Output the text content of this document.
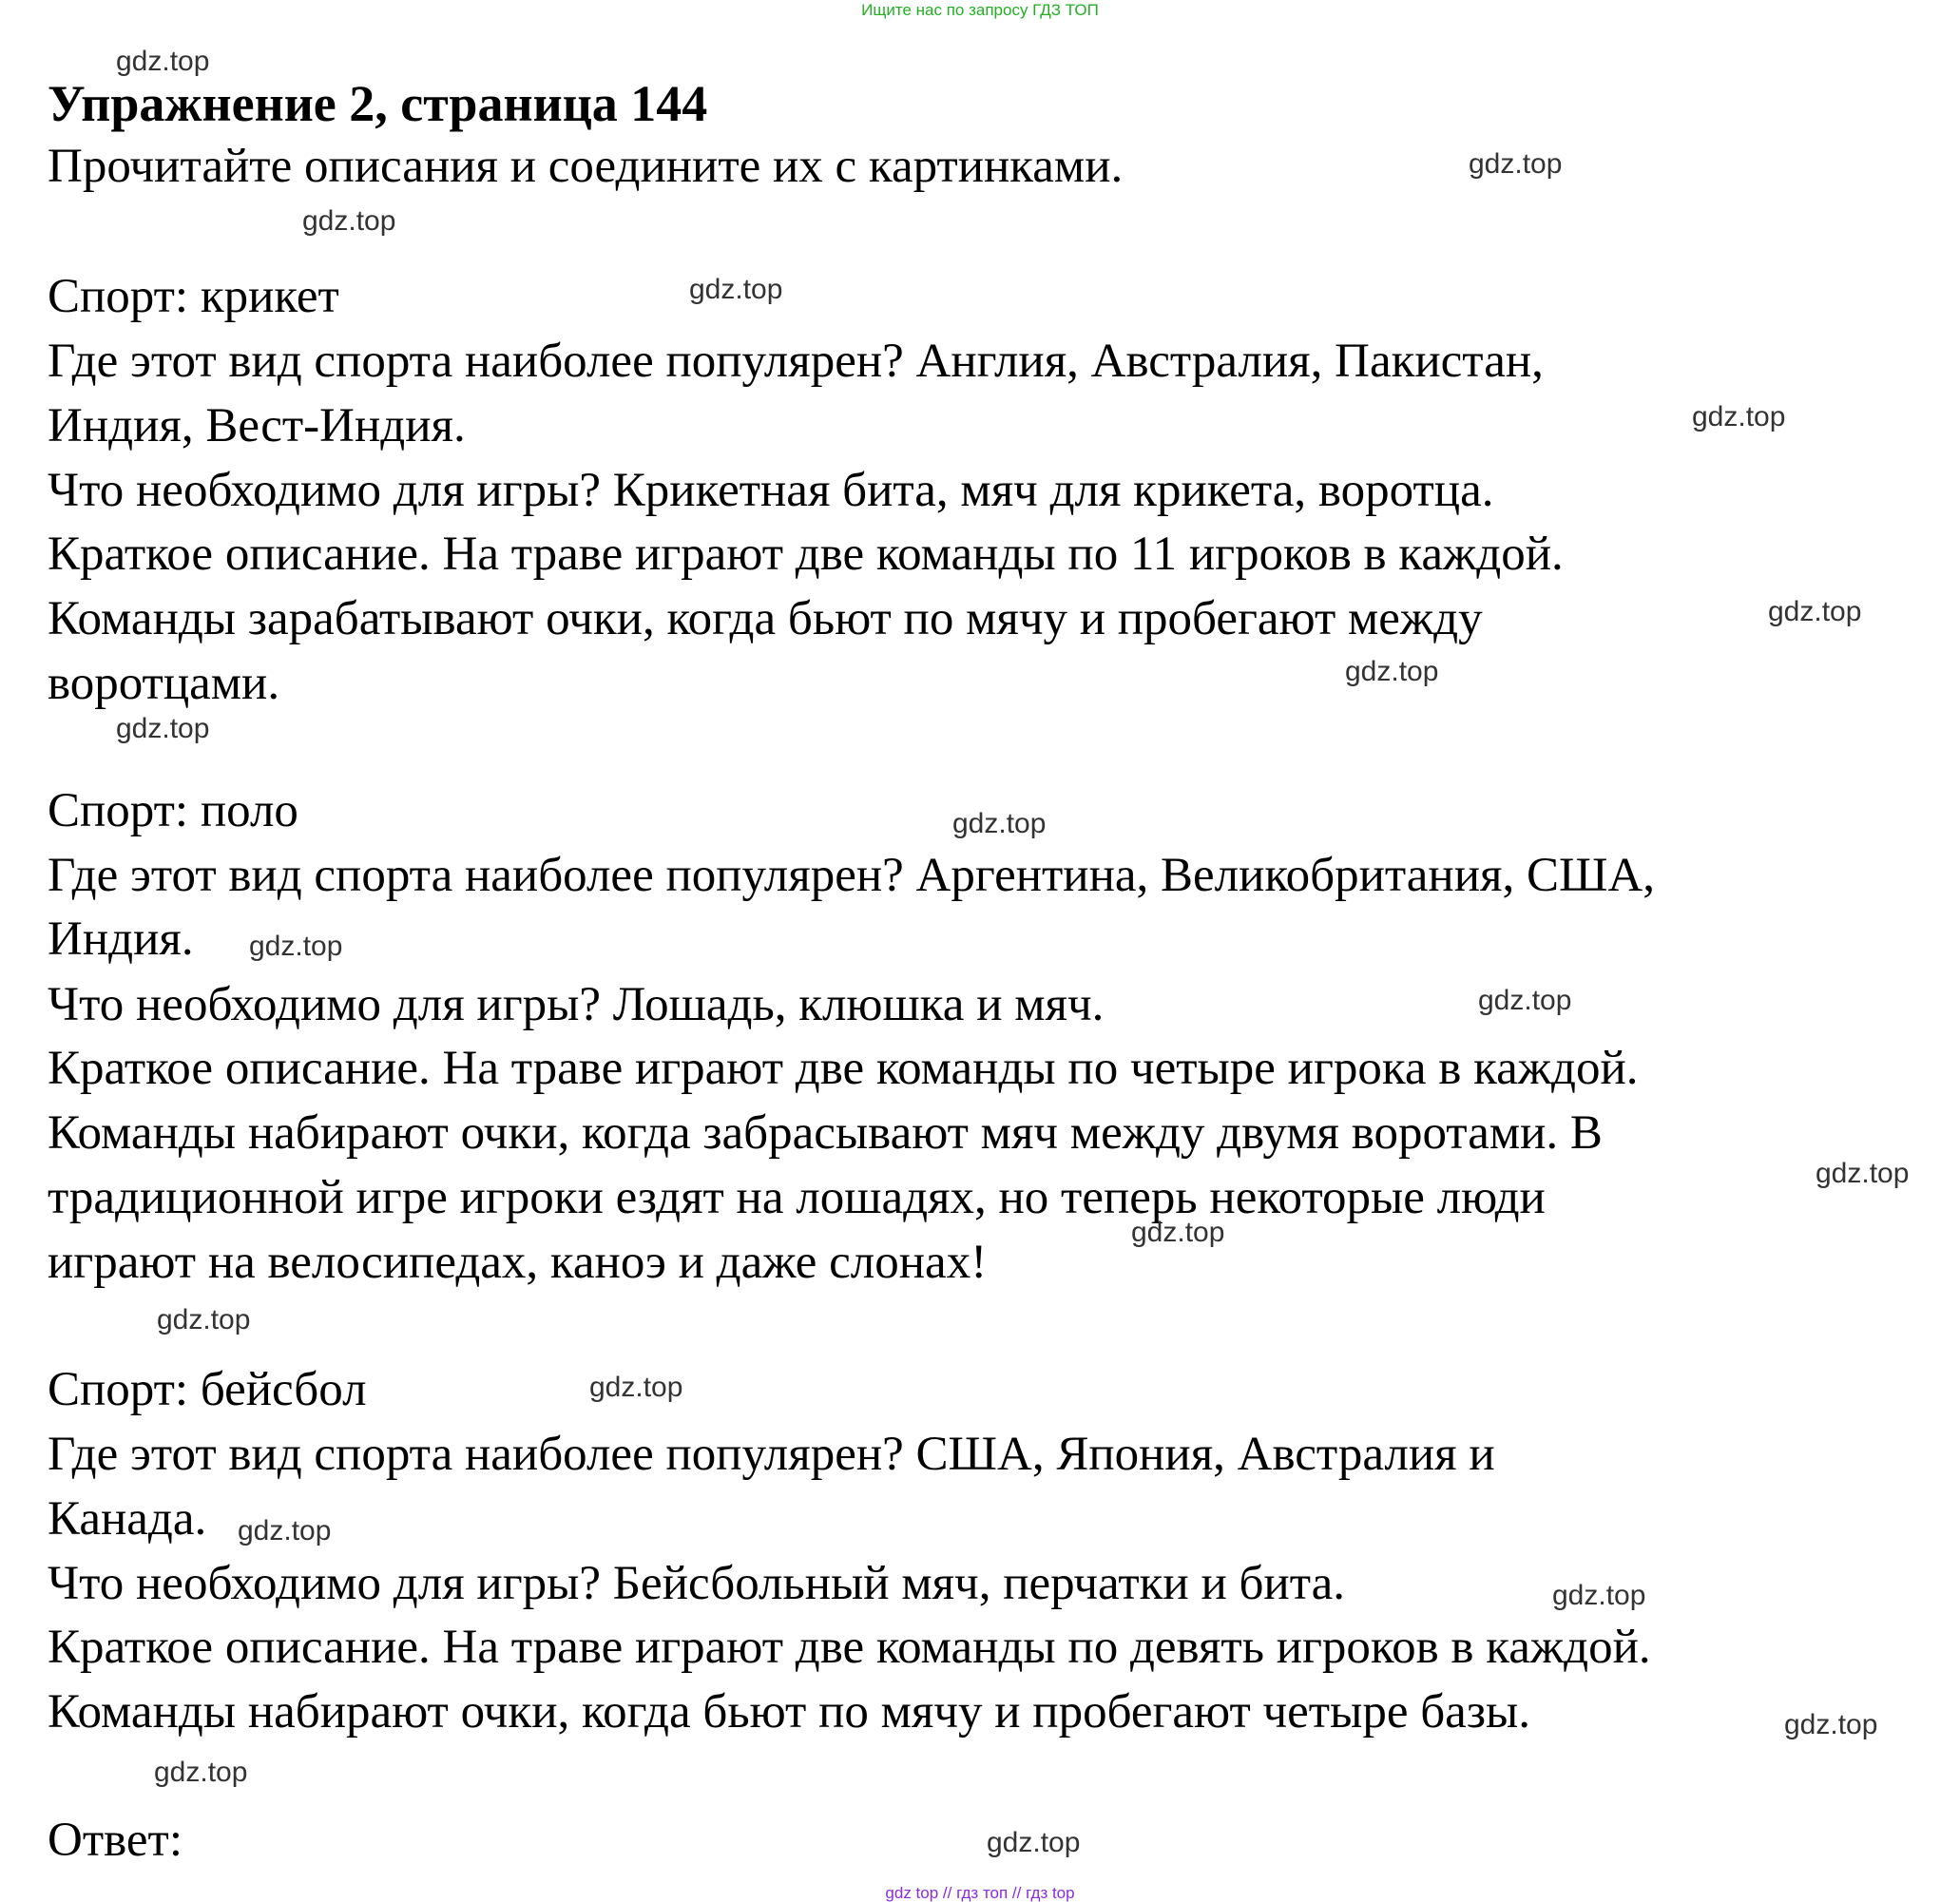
Ищите нас по запросу ГДЗ ТОП
Упражнение 2, страница 144
Прочитайте описания и соедините их с картинками.
Спорт: крикет
Где этот вид спорта наиболее популярен? Англия, Австралия, Пакистан,
Индия, Вест-Индия.
Что необходимо для игры? Крикетная бита, мяч для крикета, воротца.
Краткое описание. На траве играют две команды по 11 игроков в каждой.
Команды зарабатывают очки, когда бьют по мячу и пробегают между
воротцами.
Спорт: поло
Где этот вид спорта наиболее популярен? Аргентина, Великобритания, США,
Индия.
Что необходимо для игры? Лошадь, клюшка и мяч.
Краткое описание. На траве играют две команды по четыре игрока в каждой.
Команды набирают очки, когда забрасывают мяч между двумя воротами. В
традиционной игре игроки ездят на лошадях, но теперь некоторые люди
играют на велосипедах, каноэ и даже слонах!
Спорт: бейсбол
Где этот вид спорта наиболее популярен? США, Япония, Австралия и
Канада.
Что необходимо для игры? Бейсбольный мяч, перчатки и бита.
Краткое описание. На траве играют две команды по девять игроков в каждой.
Команды набирают очки, когда бьют по мячу и пробегают четыре базы.
Ответ:
gdz.top
gdz.top
gdz.top
gdz.top
gdz.top
gdz.top
gdz.top
gdz.top
gdz.top
gdz.top
gdz.top
gdz.top
gdz.top
gdz.top
gdz.top
gdz.top
gdz.top
gdz.top
gdz.top
gdz.top
gdz top // гдз топ // гдз top
